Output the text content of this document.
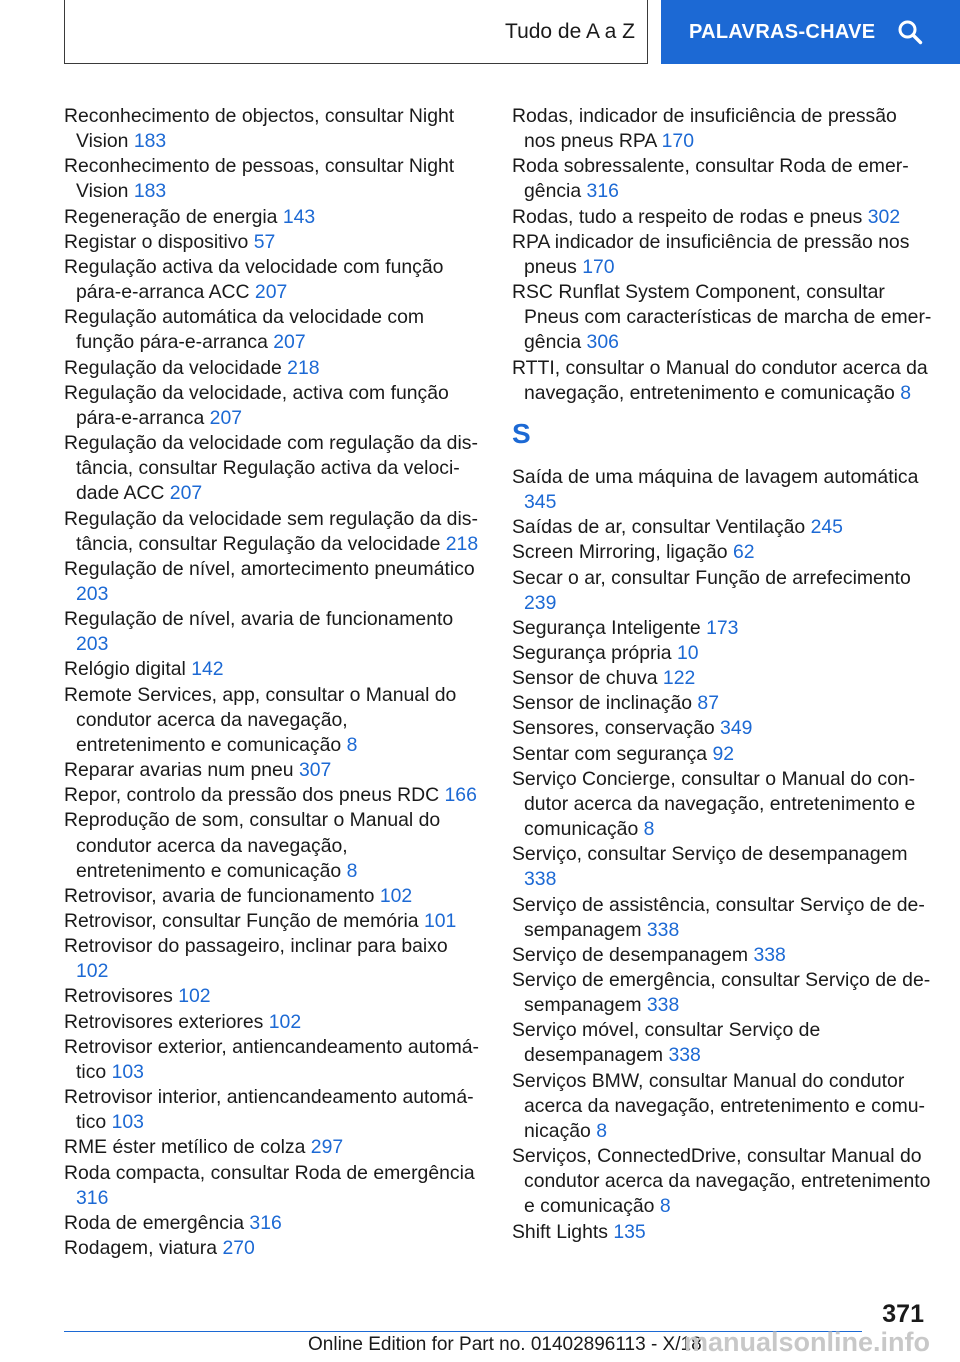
Tudo de A a Z	PALAVRAS-CHAVE
Reconhecimento de objectos, consultar Night Vision 183
Reconhecimento de pessoas, consultar Night Vision 183
Regeneração de energia 143
Registar o dispositivo 57
Regulação activa da velocidade com função pára-e-arranca ACC 207
Regulação automática da velocidade com função pára-e-arranca 207
Regulação da velocidade 218
Regulação da velocidade, activa com função pára-e-arranca 207
Regulação da velocidade com regulação da distância, consultar Regulação activa da velocidade ACC 207
Regulação da velocidade sem regulação da distância, consultar Regulação da velocidade 218
Regulação de nível, amortecimento pneumático 203
Regulação de nível, avaria de funcionamento 203
Relógio digital 142
Remote Services, app, consultar o Manual do condutor acerca da navegação, entretenimento e comunicação 8
Reparar avarias num pneu 307
Repor, controlo da pressão dos pneus RDC 166
Reprodução de som, consultar o Manual do condutor acerca da navegação, entretenimento e comunicação 8
Retrovisor, avaria de funcionamento 102
Retrovisor, consultar Função de memória 101
Retrovisor do passageiro, inclinar para baixo 102
Retrovisores 102
Retrovisores exteriores 102
Retrovisor exterior, antiencandeamento automático 103
Retrovisor interior, antiencandeamento automático 103
RME éster metílico de colza 297
Roda compacta, consultar Roda de emergência 316
Roda de emergência 316
Rodagem, viatura 270
Rodas, indicador de insuficiência de pressão nos pneus RPA 170
Roda sobressalente, consultar Roda de emergência 316
Rodas, tudo a respeito de rodas e pneus 302
RPA indicador de insuficiência de pressão nos pneus 170
RSC Runflat System Component, consultar Pneus com características de marcha de emergência 306
RTTI, consultar o Manual do condutor acerca da navegação, entretenimento e comunicação 8
S
Saída de uma máquina de lavagem automática 345
Saídas de ar, consultar Ventilação 245
Screen Mirroring, ligação 62
Secar o ar, consultar Função de arrefecimento 239
Segurança Inteligente 173
Segurança própria 10
Sensor de chuva 122
Sensor de inclinação 87
Sensores, conservação 349
Sentar com segurança 92
Serviço Concierge, consultar o Manual do condutor acerca da navegação, entretenimento e comunicação 8
Serviço, consultar Serviço de desempanagem 338
Serviço de assistência, consultar Serviço de desempanagem 338
Serviço de desempanagem 338
Serviço de emergência, consultar Serviço de desempanagem 338
Serviço móvel, consultar Serviço de desempanagem 338
Serviços BMW, consultar Manual do condutor acerca da navegação, entretenimento e comunicação 8
Serviços, ConnectedDrive, consultar Manual do condutor acerca da navegação, entretenimento e comunicação 8
Shift Lights 135
371
Online Edition for Part no. 01402896113 - X/18
manualsonline.info
